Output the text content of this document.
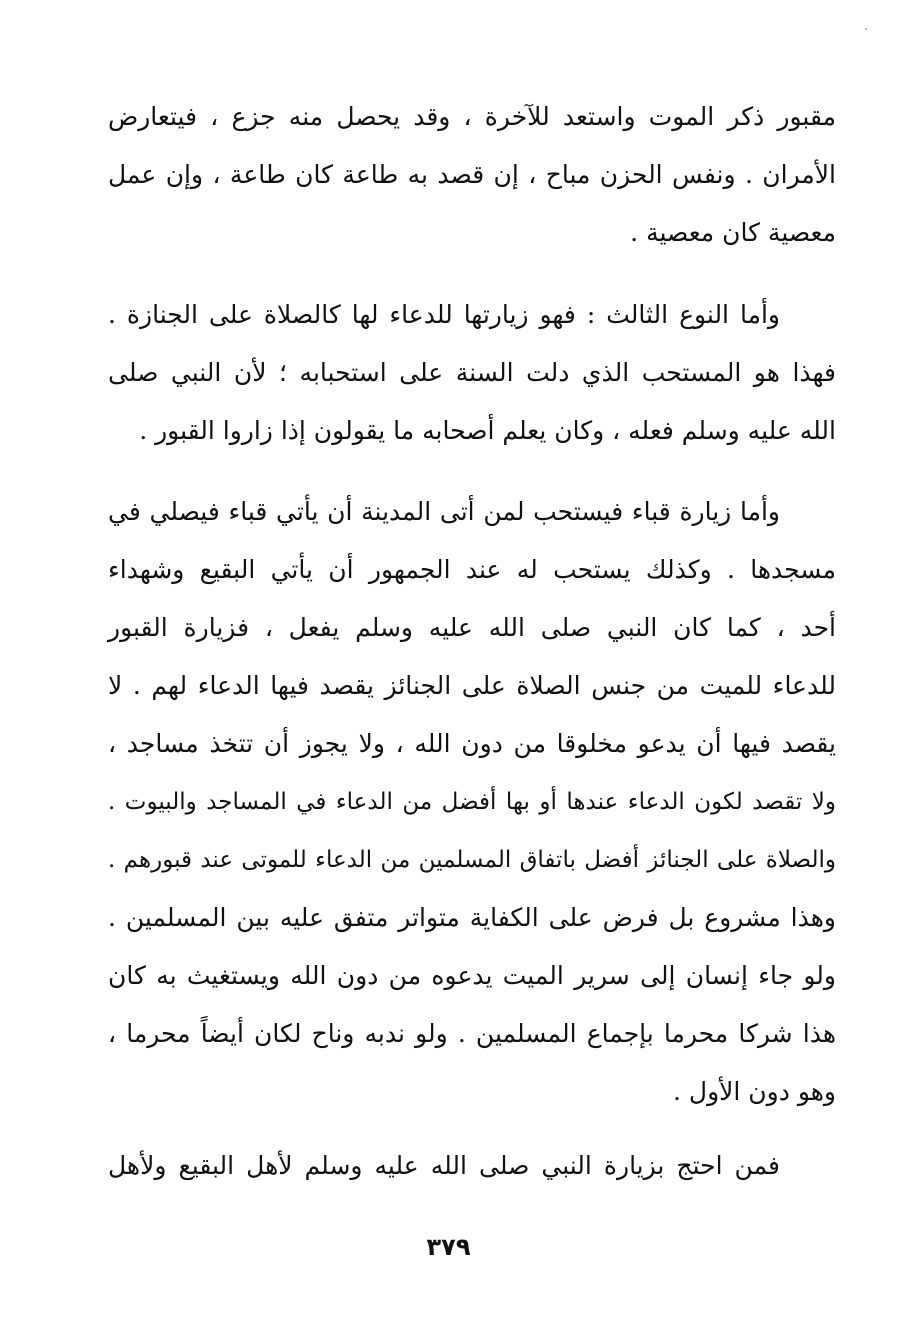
مقبور ذكر الموت واستعد للآخرة ، وقد يحصل منه جزع ، فيتعارض
الأمران . ونفس الحزن مباح ، إن قصد به طاعة كان طاعة ، وإن عمل
معصية كان معصية .
وأما النوع الثالث : فهو زيارتها للدعاء لها كالصلاة على الجنازة .
فهذا هو المستحب الذي دلت السنة على استحبابه ؛ لأن النبي صلى
الله عليه وسلم فعله ، وكان يعلم أصحابه ما يقولون إذا زاروا القبور .
وأما زيارة قباء فيستحب لمن أتى المدينة أن يأتي قباء فيصلي في
مسجدها . وكذلك يستحب له عند الجمهور أن يأتي البقيع وشهداء
أحد ، كما كان النبي صلى الله عليه وسلم يفعل ، فزيارة القبور
للدعاء للميت من جنس الصلاة على الجنائز يقصد فيها الدعاء لهم . لا
يقصد فيها أن يدعو مخلوقا من دون الله ، ولا يجوز أن تتخذ مساجد ،
ولا تقصد لكون الدعاء عندها أو بها أفضل من الدعاء في المساجد والبيوت .
والصلاة على الجنائز أفضل باتفاق المسلمين من الدعاء للموتى عند قبورهم .
وهذا مشروع بل فرض على الكفاية متواتر متفق عليه بين المسلمين .
ولو جاء إنسان إلى سرير الميت يدعوه من دون الله ويستغيث به كان
هذا شركا محرما بإجماع المسلمين . ولو ندبه وناح لكان أيضاً محرما ،
وهو دون الأول .
فمن احتج بزيارة النبي صلى الله عليه وسلم لأهل البقيع ولأهل
٣٧٩
